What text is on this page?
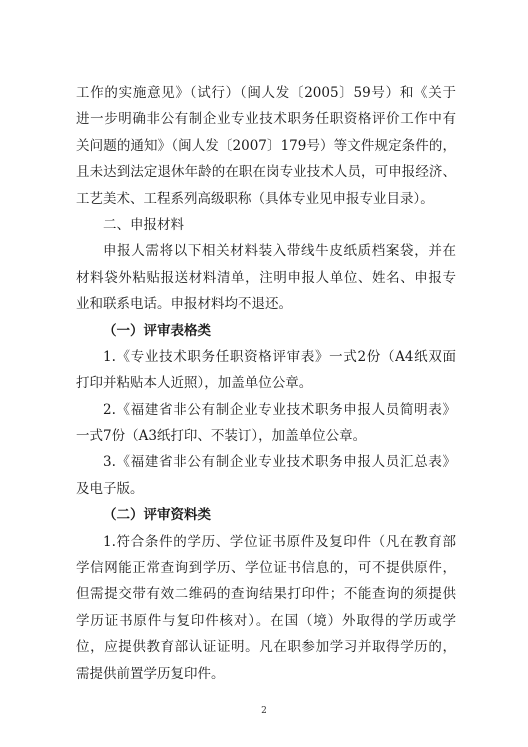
工作的实施意见》（试行）（闽人发〔2005〕59号）和《关于
进一步明确非公有制企业专业技术职务任职资格评价工作中有
关问题的通知》（闽人发〔2007〕179号）等文件规定条件的，
且未达到法定退休年龄的在职在岗专业技术人员，可申报经济、
工艺美术、工程系列高级职称（具体专业见申报专业目录）。
二、申报材料
申报人需将以下相关材料装入带线牛皮纸质档案袋，并在
材料袋外粘贴报送材料清单，注明申报人单位、姓名、申报专
业和联系电话。申报材料均不退还。
（一）评审表格类
1.《专业技术职务任职资格评审表》一式2份（A4纸双面
打印并粘贴本人近照），加盖单位公章。
2.《福建省非公有制企业专业技术职务申报人员简明表》
一式7份（A3纸打印、不装订），加盖单位公章。
3.《福建省非公有制企业专业技术职务申报人员汇总表》
及电子版。
（二）评审资料类
1.符合条件的学历、学位证书原件及复印件（凡在教育部
学信网能正常查询到学历、学位证书信息的，可不提供原件，
但需提交带有效二维码的查询结果打印件；不能查询的须提供
学历证书原件与复印件核对）。在国（境）外取得的学历或学
位，应提供教育部认证证明。凡在职参加学习并取得学历的，
需提供前置学历复印件。
2
